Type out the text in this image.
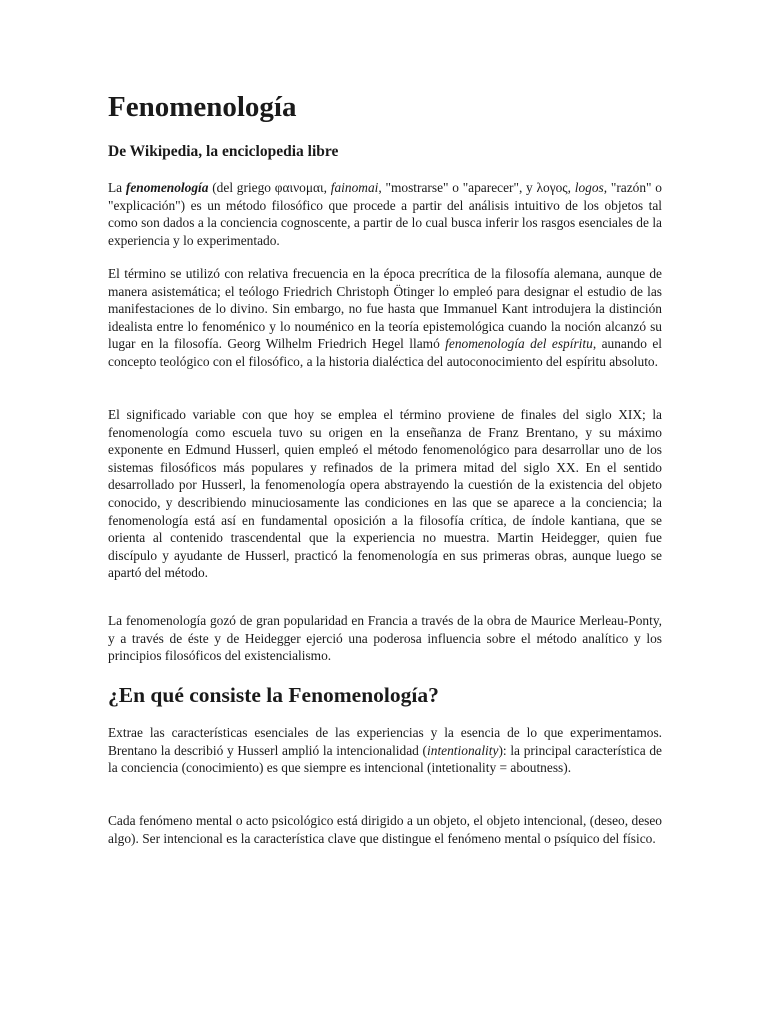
Fenomenología
De Wikipedia, la enciclopedia libre

La fenomenología (del griego φαινομαι, fainomai, "mostrarse" o "aparecer", y λογος, logos, "razón" o "explicación") es un método filosófico que procede a partir del análisis intuitivo de los objetos tal como son dados a la conciencia cognoscente, a partir de lo cual busca inferir los rasgos esenciales de la experiencia y lo experimentado.

El término se utilizó con relativa frecuencia en la época precrítica de la filosofía alemana, aunque de manera asistemática; el teólogo Friedrich Christoph Ötinger lo empleó para designar el estudio de las manifestaciones de lo divino. Sin embargo, no fue hasta que Immanuel Kant introdujera la distinción idealista entre lo fenoménico y lo nouménico en la teoría epistemológica cuando la noción alcanzó su lugar en la filosofía. Georg Wilhelm Friedrich Hegel llamó fenomenología del espíritu, aunando el concepto teológico con el filosófico, a la historia dialéctica del autoconocimiento del espíritu absoluto.

El significado variable con que hoy se emplea el término proviene de finales del siglo XIX; la fenomenología como escuela tuvo su origen en la enseñanza de Franz Brentano, y su máximo exponente en Edmund Husserl, quien empleó el método fenomenológico para desarrollar uno de los sistemas filosóficos más populares y refinados de la primera mitad del siglo XX. En el sentido desarrollado por Husserl, la fenomenología opera abstrayendo la cuestión de la existencia del objeto conocido, y describiendo minuciosamente las condiciones en las que se aparece a la conciencia; la fenomenología está así en fundamental oposición a la filosofía crítica, de índole kantiana, que se orienta al contenido trascendental que la experiencia no muestra. Martin Heidegger, quien fue discípulo y ayudante de Husserl, practicó la fenomenología en sus primeras obras, aunque luego se apartó del método.

La fenomenología gozó de gran popularidad en Francia a través de la obra de Maurice Merleau-Ponty, y a través de éste y de Heidegger ejerció una poderosa influencia sobre el método analítico y los principios filosóficos del existencialismo.

¿En qué consiste la Fenomenología?

Extrae las características esenciales de las experiencias y la esencia de lo que experimentamos. Brentano la describió y Husserl amplió la intencionalidad (intentionality): la principal característica de la conciencia (conocimiento) es que siempre es intencional (intetionality = aboutness).

Cada fenómeno mental o acto psicológico está dirigido a un objeto, el objeto intencional, (deseo, deseo algo). Ser intencional es la característica clave que distingue el fenómeno mental o psíquico del físico.
